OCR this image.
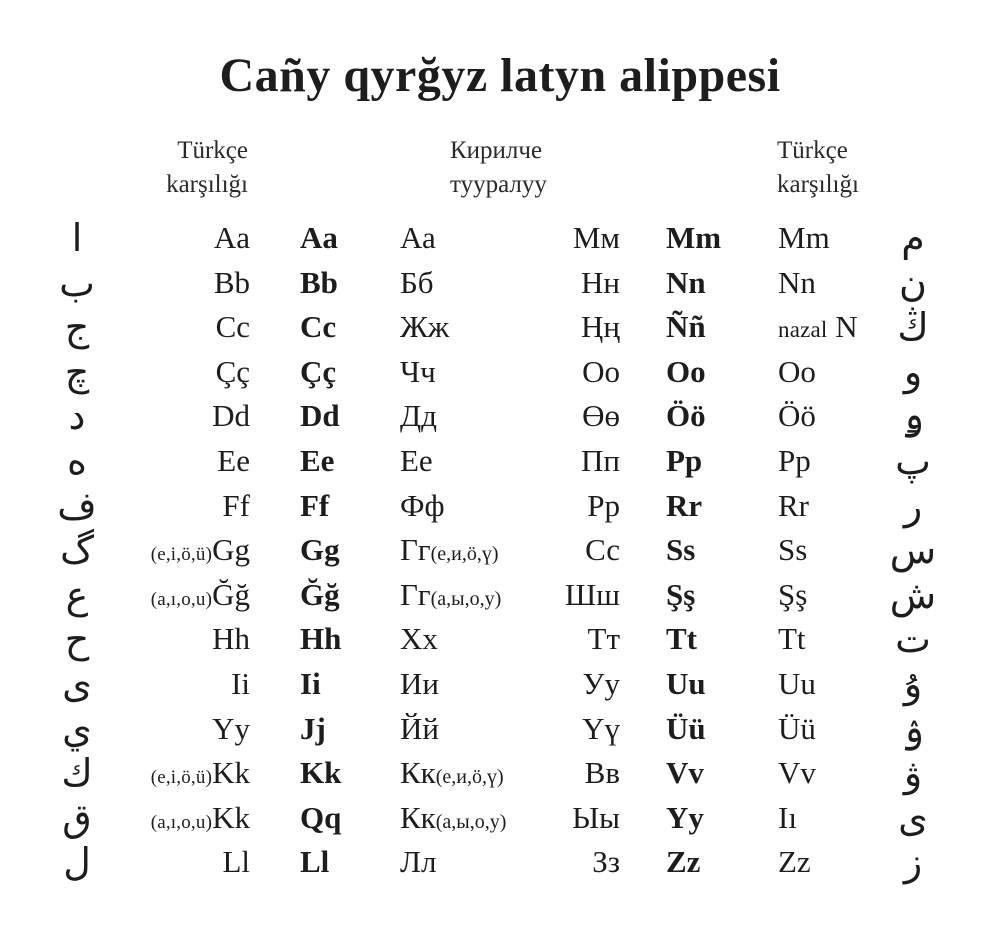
Cañy qyrğyz latyn alippesi
Türkçe
karşılığı
Кирилче
тууралуу
Türkçe
karşılığı
ا
ب
ج
چ
د
ە
ف
گ
ع
ح
ى
ي
ك
ق
ل
Aa
Bb
Cc
Çç
Dd
Ee
Ff
(e,i,ö,ü)Gg
(a,ı,o,u)Ğğ
Hh
Ii
Yy
(e,i,ö,ü)Kk
(a,ı,o,u)Kk
Ll
Aa
Bb
Cc
Çç
Dd
Ee
Ff
Gg
Ğğ
Hh
Ii
Jj
Kk
Qq
Ll
Аа
Бб
Жж
Чч
Дд
Ее
Фф
Гг(е,и,ö,ү)
Гг(а,ы,о,у)
Хх
Ии
Йй
Кк(е,и,ö,ү)
Кк(а,ы,о,у)
Лл
Мм
Нн
Ңң
Оо
Өө
Пп
Рр
Сс
Шш
Тт
Уу
Үү
Вв
Ыы
Зз
Mm
Nn
Ññ
Oo
Öö
Pp
Rr
Ss
Şş
Tt
Uu
Üü
Vv
Yy
Zz
Mm
Nn
nazal N
Oo
Öö
Pp
Rr
Ss
Şş
Tt
Uu
Üü
Vv
Iı
Zz
م
ن
ڭ
و
ۅ
پ
ر
س
ش
ت
ۇ
ۉ
ۋ
ى
ز
